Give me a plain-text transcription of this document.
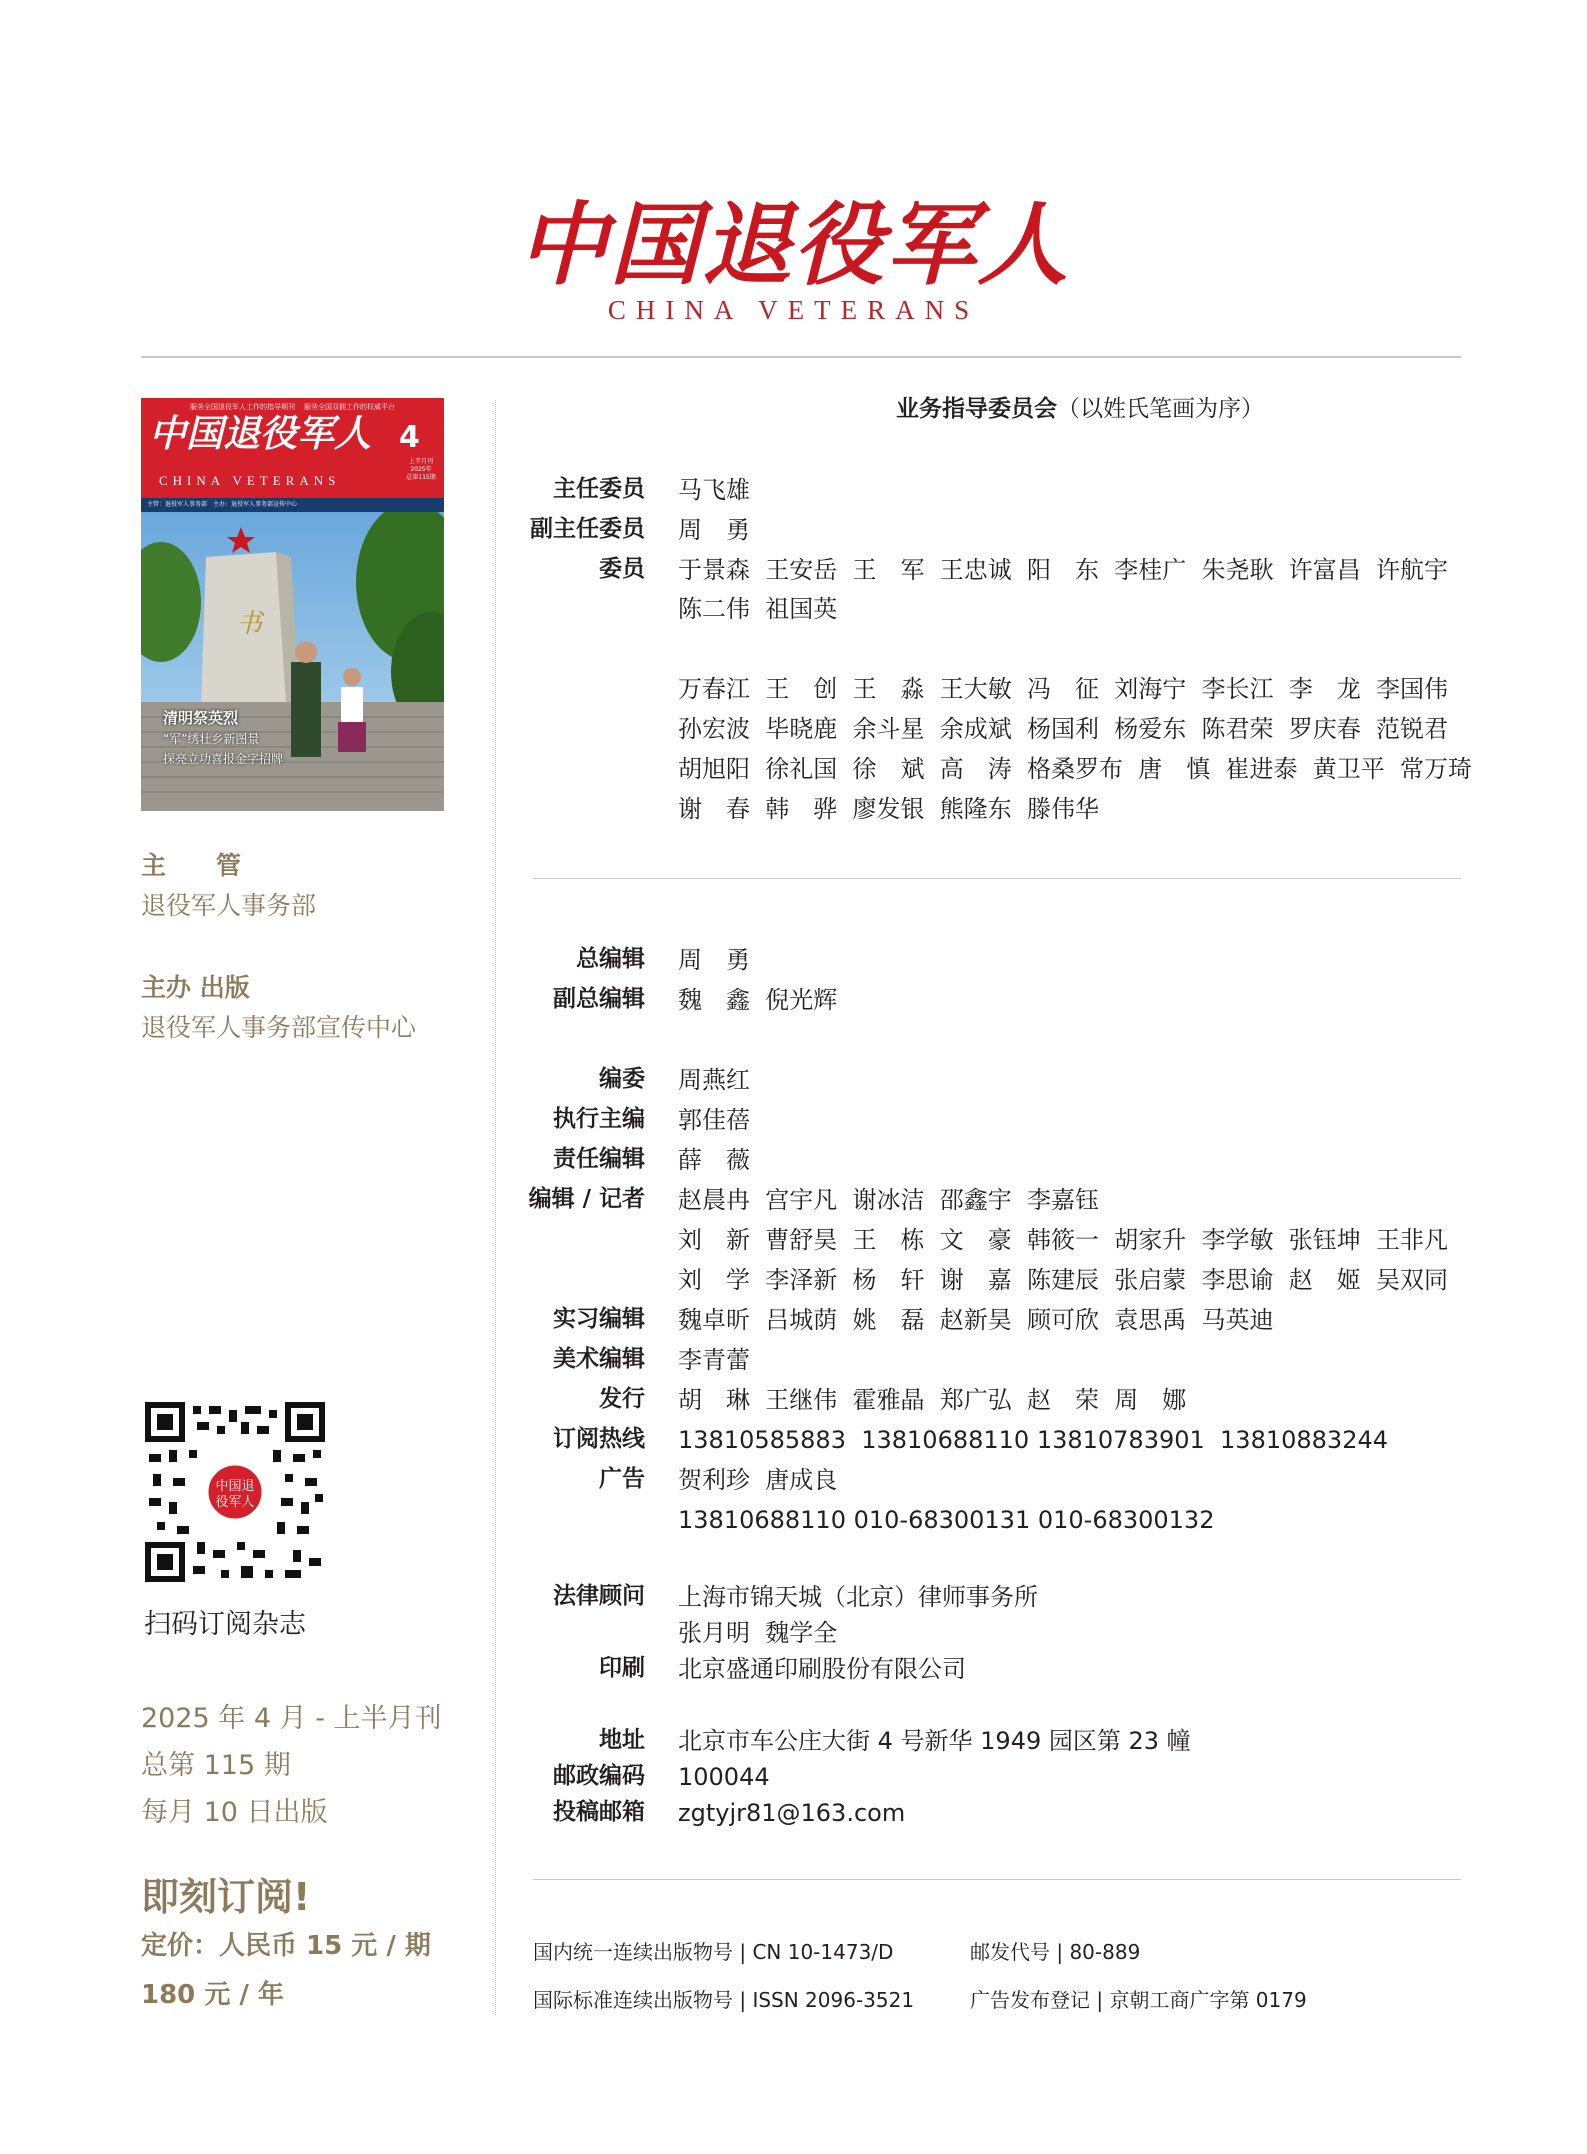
中国退役军人
CHINA VETERANS
服务全国退役军人工作的指导期刊 服务全国双拥工作的权威平台
中国退役军人 4
上半月刊
2025年
总第115期
CHINA VETERANS
主管：退役军人事务部　主办：退役军人事务部宣传中心
书
清明祭英烈
“军”绣壮乡新图景
探亮立功喜报金字招牌
主　　管
退役军人事务部
主办 出版
退役军人事务部宣传中心
中国退
役军人
扫码订阅杂志
2025 年 4 月 - 上半月刊
总第 115 期
每月 10 日出版
即刻订阅!
定价：人民币 15 元 / 期
180 元 / 年
业务指导委员会（以姓氏笔画为序）
主任委员 马飞雄
副主任委员 周　勇
委员 于景森  王安岳  王　军  王忠诚  阳　东  李桂广  朱尧耿  许富昌  许航宇
陈二伟  祖国英
万春江  王　创  王　淼  王大敏  冯　征  刘海宁  李长江  李　龙  李国伟
孙宏波  毕晓鹿  余斗星  余成斌  杨国利  杨爱东  陈君荣  罗庆春  范锐君
胡旭阳  徐礼国  徐　斌  高　涛  格桑罗布  唐　慎  崔进泰  黄卫平  常万琦
谢　春  韩　骅  廖发银  熊隆东  滕伟华
总编辑 周　勇
副总编辑 魏　鑫  倪光辉
编委 周燕红
执行主编 郭佳蓓
责任编辑 薛　薇
编辑 / 记者 赵晨冉  宫宇凡  谢冰洁  邵鑫宇  李嘉钰
刘　新  曹舒昊  王　栋  文　豪  韩筱一  胡家升  李学敏  张钰坤  王非凡
刘　学  李泽新  杨　轩  谢　嘉  陈建辰  张启蒙  李思谕  赵　姬  吴双同
实习编辑 魏卓昕  吕城荫  姚　磊  赵新昊  顾可欣  袁思禹  马英迪
美术编辑 李青蕾
发行 胡　琳  王继伟  霍雅晶  郑广弘  赵　荣  周　娜
订阅热线 13810585883  13810688110 13810783901  13810883244
广告 贺利珍  唐成良
13810688110 010-68300131 010-68300132
法律顾问 上海市锦天城（北京）律师事务所
张月明  魏学全
印刷 北京盛通印刷股份有限公司
地址 北京市车公庄大街 4 号新华 1949 园区第 23 幢
邮政编码 100044
投稿邮箱 zgtyjr81@163.com
国内统一连续出版物号 | CN 10-1473/D	邮发代号 | 80-889
国际标准连续出版物号 | ISSN 2096-3521	广告发布登记 | 京朝工商广字第 0179
